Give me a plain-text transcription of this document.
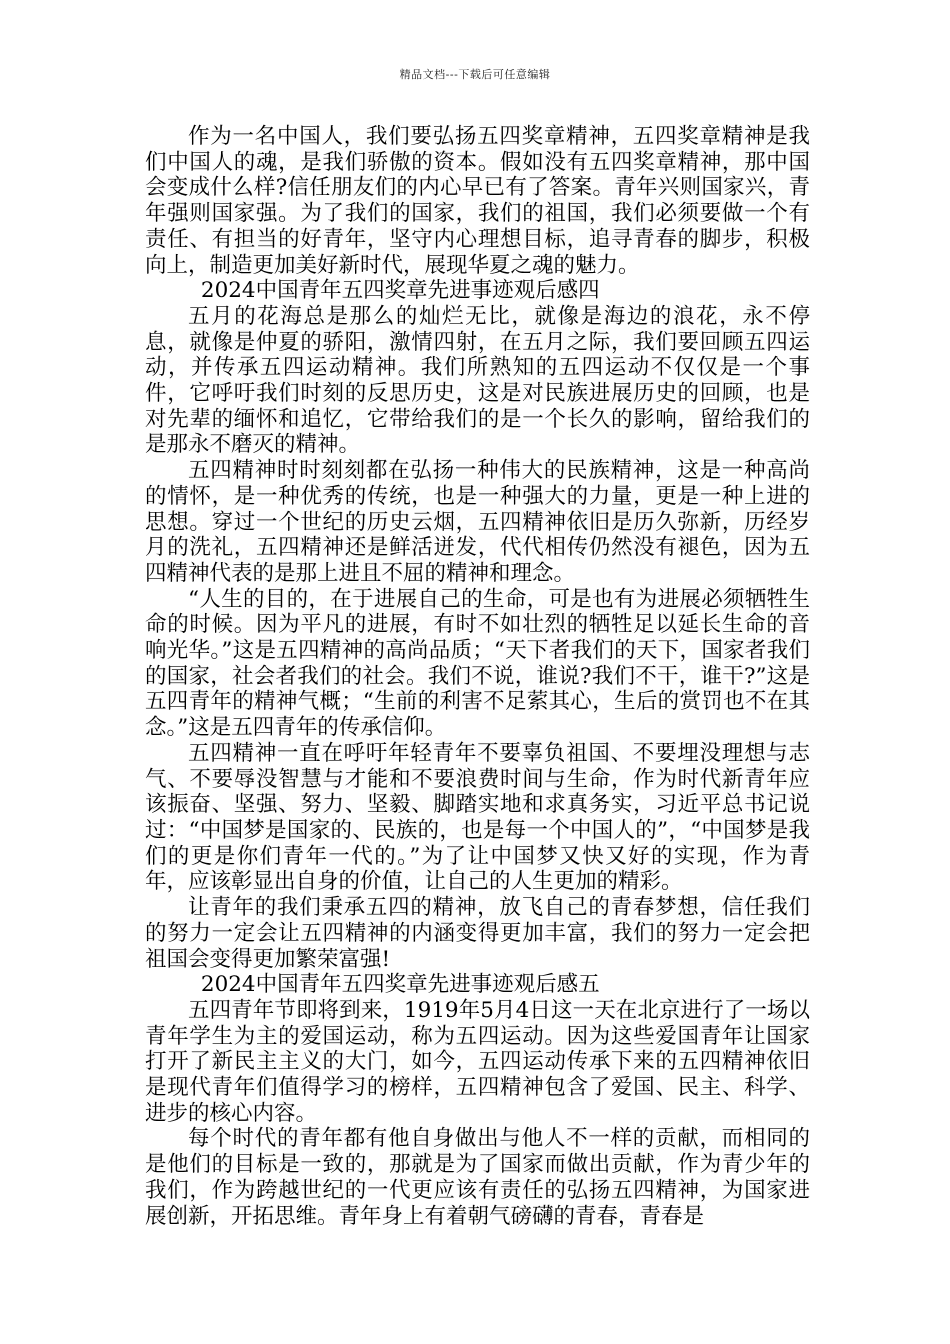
精品文档---下载后可任意编辑

作为一名中国人，我们要弘扬五四奖章精神，五四奖章精神是我们中国人的魂，是我们骄傲的资本。假如没有五四奖章精神，那中国会变成什么样?信任朋友们的内心早已有了答案。青年兴则国家兴，青年强则国家强。为了我们的国家，我们的祖国，我们必须要做一个有责任、有担当的好青年，坚守内心理想目标，追寻青春的脚步，积极向上，制造更加美好新时代，展现华夏之魂的魅力。

2024中国青年五四奖章先进事迹观后感四

五月的花海总是那么的灿烂无比，就像是海边的浪花，永不停息，就像是仲夏的骄阳，激情四射，在五月之际，我们要回顾五四运动，并传承五四运动精神。我们所熟知的五四运动不仅仅是一个事件，它呼吁我们时刻的反思历史，这是对民族进展历史的回顾，也是对先辈的缅怀和追忆，它带给我们的是一个长久的影响，留给我们的是那永不磨灭的精神。

五四精神时时刻刻都在弘扬一种伟大的民族精神，这是一种高尚的情怀，是一种优秀的传统，也是一种强大的力量，更是一种上进的思想。穿过一个世纪的历史云烟，五四精神依旧是历久弥新，历经岁月的洗礼，五四精神还是鲜活迸发，代代相传仍然没有褪色，因为五四精神代表的是那上进且不屈的精神和理念。

“人生的目的，在于进展自己的生命，可是也有为进展必须牺牲生命的时候。因为平凡的进展，有时不如壮烈的牺牲足以延长生命的音响光华。”这是五四精神的高尚品质；“天下者我们的天下，国家者我们的国家，社会者我们的社会。我们不说，谁说?我们不干，谁干?”这是五四青年的精神气概；“生前的利害不足萦其心，生后的赏罚也不在其念。”这是五四青年的传承信仰。

五四精神一直在呼吁年轻青年不要辜负祖国、不要埋没理想与志气、不要辱没智慧与才能和不要浪费时间与生命，作为时代新青年应该振奋、坚强、努力、坚毅、脚踏实地和求真务实，习近平总书记说过：“中国梦是国家的、民族的，也是每一个中国人的”，“中国梦是我们的更是你们青年一代的。”为了让中国梦又快又好的实现，作为青年，应该彰显出自身的价值，让自己的人生更加的精彩。

让青年的我们秉承五四的精神，放飞自己的青春梦想，信任我们的努力一定会让五四精神的内涵变得更加丰富，我们的努力一定会把祖国会变得更加繁荣富强!

2024中国青年五四奖章先进事迹观后感五

五四青年节即将到来，1919年5月4日这一天在北京进行了一场以青年学生为主的爱国运动，称为五四运动。因为这些爱国青年让国家打开了新民主主义的大门，如今，五四运动传承下来的五四精神依旧是现代青年们值得学习的榜样，五四精神包含了爱国、民主、科学、进步的核心内容。

每个时代的青年都有他自身做出与他人不一样的贡献，而相同的是他们的目标是一致的，那就是为了国家而做出贡献，作为青少年的我们，作为跨越世纪的一代更应该有责任的弘扬五四精神，为国家进展创新，开拓思维。青年身上有着朝气磅礴的青春，青春是
